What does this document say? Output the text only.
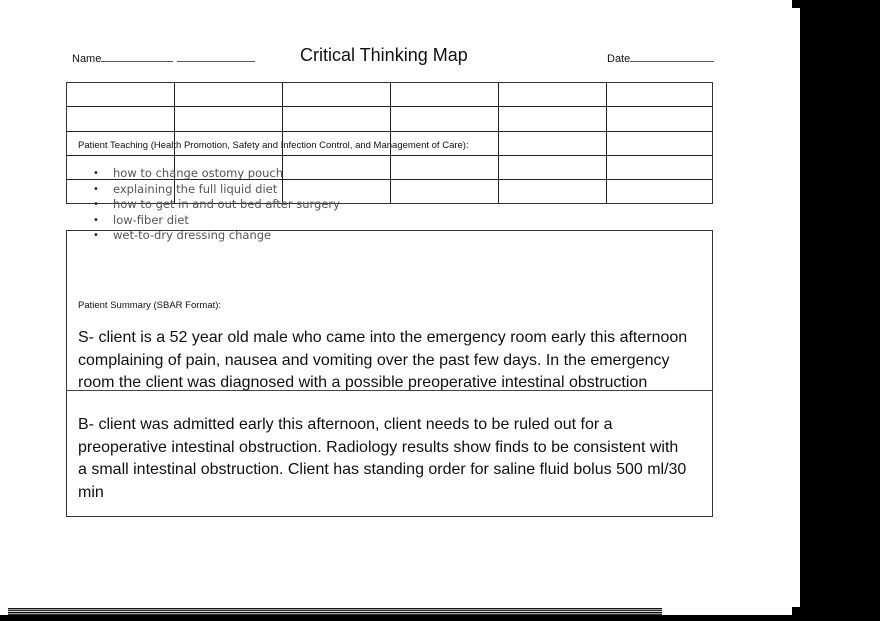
Name	Critical Thinking Map	Date
Patient Teaching (Health Promotion, Safety and Infection Control, and Management of Care):
• how to change ostomy pouch
• explaining the full liquid diet
• how to get in and out bed after surgery
• low-fiber diet
• wet-to-dry dressing change
Patient Summary (SBAR Format):
S- client is a 52 year old male who came into the emergency room early this afternoon
complaining of pain, nausea and vomiting over the past few days. In the emergency
room the client was diagnosed with a possible preoperative intestinal obstruction
B- client was admitted early this afternoon, client needs to be ruled out for a
preoperative intestinal obstruction. Radiology results show finds to be consistent with
a small intestinal obstruction. Client has standing order for saline fluid bolus 500 ml/30
min
